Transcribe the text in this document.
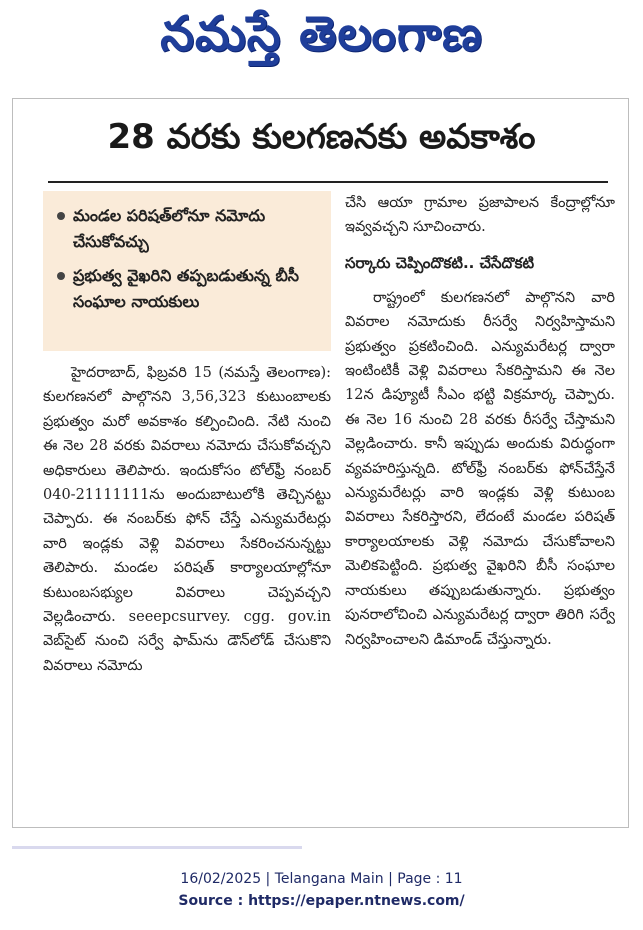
నమస్తే తెలంగాణ
28 వరకు కులగణనకు అవకాశం

మండల పరిషత్‌లోనూ నమోదు చేసుకోవచ్చు

ప్రభుత్వ వైఖరిని తప్పబడుతున్న బీసీ సంఘాల నాయకులు

హైదరాబాద్, ఫిబ్రవరి 15 (నమస్తే తెలంగాణ): కులగణనలో పాల్గొనని 3,56,323 కుటుంబాలకు ప్రభుత్వం మరో అవకాశం కల్పించింది. నేటి నుంచి ఈ నెల 28 వరకు వివరాలు నమోదు చేసుకోవచ్చని అధికారులు తెలిపారు. ఇందుకోసం టోల్‌ఫ్రీ నంబర్ 040-21111111ను అందుబాటులోకి తెచ్చినట్టు చెప్పారు. ఈ నంబర్‌కు ఫోన్ చేస్తే ఎన్యుమరేటర్లు వారి ఇండ్లకు వెళ్లి వివరాలు సేకరించనున్నట్టు తెలిపారు. మండల పరిషత్ కార్యాలయాల్లోనూ కుటుంబసభ్యుల వివరాలు చెప్పవచ్చని వెల్లడించారు. seeepcsurvey. cgg. gov.in వెబ్‌సైట్ నుంచి సర్వే ఫామ్‌ను డౌన్‌లోడ్ చేసుకొని వివరాలు నమోదు

చేసి ఆయా గ్రామాల ప్రజాపాలన కేంద్రాల్లోనూ ఇవ్వవచ్చని సూచించారు.

సర్కారు చెప్పిందొకటి.. చేసేదొకటి

రాష్ట్రంలో కులగణనలో పాల్గొనని వారి వివరాల నమోదుకు రీసర్వే నిర్వహిస్తామని ప్రభుత్వం ప్రకటించింది. ఎన్యుమరేటర్ల ద్వారా ఇంటింటికీ వెళ్లి వివరాలు సేకరిస్తామని ఈ నెల 12న డిప్యూటీ సీఎం భట్టి విక్రమార్క చెప్పారు. ఈ నెల 16 నుంచి 28 వరకు రీసర్వే చేస్తామని వెల్లడించారు. కానీ ఇప్పుడు అందుకు విరుద్ధంగా వ్యవహరిస్తున్నది. టోల్‌ఫ్రీ నంబర్‌కు ఫోన్‌చేస్తేనే ఎన్యుమరేటర్లు వారి ఇండ్లకు వెళ్లి కుటుంబ వివరాలు సేకరిస్తారని, లేదంటే మండల పరిషత్ కార్యాలయాలకు వెళ్లి నమోదు చేసుకోవాలని మెలికపెట్టింది. ప్రభుత్వ వైఖరిని బీసీ సంఘాల నాయకులు తప్పుబడుతున్నారు. ప్రభుత్వం పునరాలోచించి ఎన్యుమరేటర్ల ద్వారా తిరిగి సర్వే నిర్వహించాలని డిమాండ్ చేస్తున్నారు.

16/02/2025 | Telangana Main | Page : 11
Source : https://epaper.ntnews.com/
